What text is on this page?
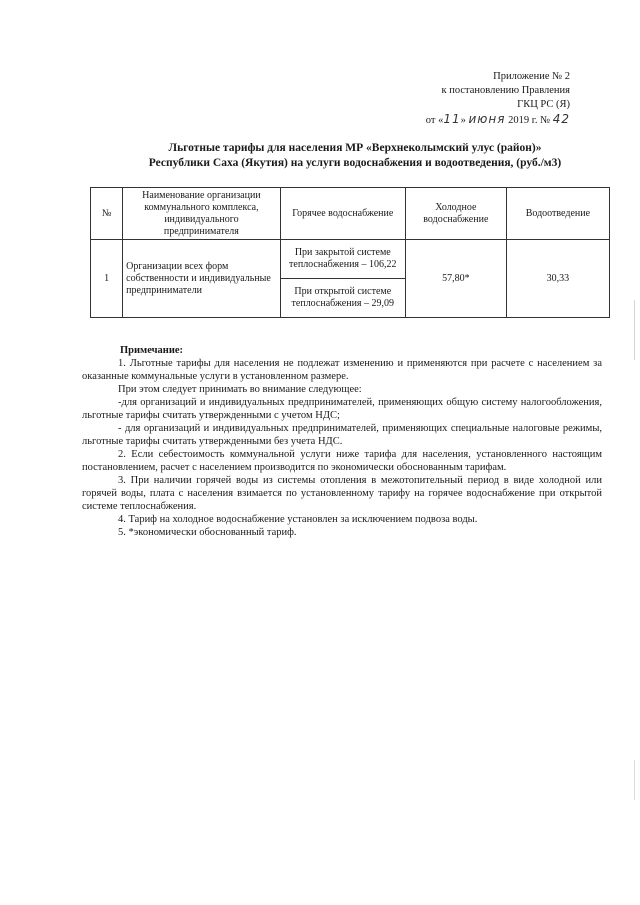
Приложение № 2
к постановлению Правления
ГКЦ РС (Я)
от «11» июня 2019 г. № 42
Льготные тарифы для населения МР «Верхнеколымский улус (район)»
Республики Саха (Якутия) на услуги водоснабжения и водоотведения, (руб./м3)
№	Наименование организации коммунального комплекса, индивидуального предпринимателя	Горячее водоснабжение	Холодное водоснабжение	Водоотведение
1	Организации всех форм собственности и индивидуальные предприниматели	При закрытой системе теплоснабжения – 106,22	57,80*	30,33
		При открытой системе теплоснабжения – 29,09		
Примечание:

1. Льготные тарифы для населения не подлежат изменению и применяются при расчете с населением за оказанные коммунальные услуги в установленном размере.

При этом следует принимать во внимание следующее:

-для организаций и индивидуальных предпринимателей, применяющих общую систему налогообложения, льготные тарифы считать утвержденными с учетом НДС;

- для организаций и индивидуальных предпринимателей, применяющих специальные налоговые режимы, льготные тарифы считать утвержденными без учета НДС.

2. Если себестоимость коммунальной услуги ниже тарифа для населения, установленного настоящим постановлением, расчет с населением производится по экономически обоснованным тарифам.

3. При наличии горячей воды из системы отопления в межотопительный период в виде холодной или горячей воды, плата с населения взимается по установленному тарифу на горячее водоснабжение при открытой системе теплоснабжения.

4. Тариф на холодное водоснабжение установлен за исключением подвоза воды.

5. *экономически обоснованный тариф.
